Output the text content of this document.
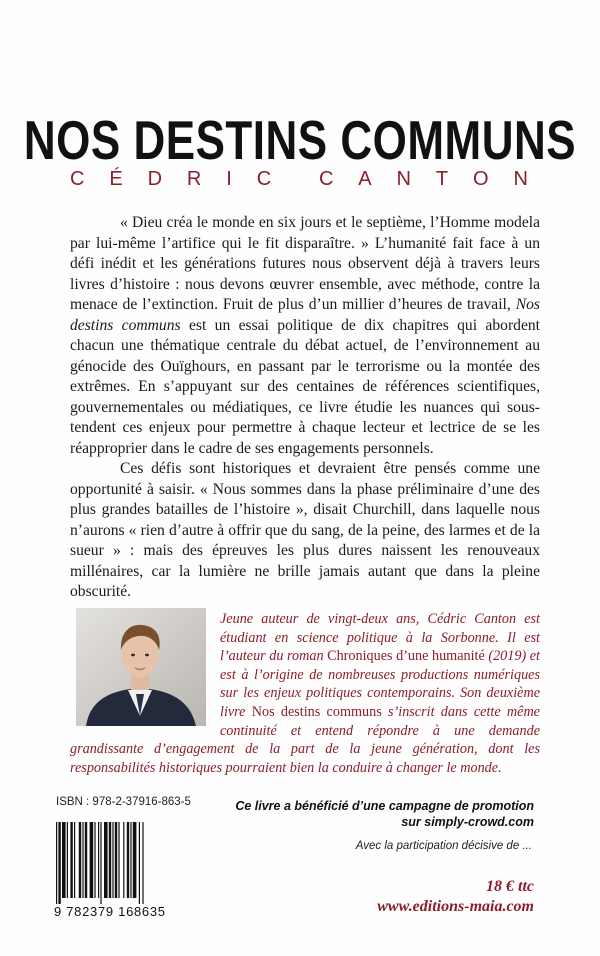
NOS DESTINS COMMUNS
C É D R I C C A N T O N

« Dieu créa le monde en six jours et le septième, l’Homme modela par lui-même l’artifice qui le fit disparaître. » L’humanité fait face à un défi inédit et les générations futures nous observent déjà à travers leurs livres d’histoire : nous devons œuvrer ensemble, avec méthode, contre la menace de l’extinction. Fruit de plus d’un millier d’heures de travail, Nos destins communs est un essai politique de dix chapitres qui abordent chacun une thématique centrale du débat actuel, de l’environnement au génocide des Ouïghours, en passant par le terrorisme ou la montée des extrêmes. En s’appuyant sur des centaines de références scientifiques, gouvernementales ou médiatiques, ce livre étudie les nuances qui sous-tendent ces enjeux pour permettre à chaque lecteur et lectrice de se les réapproprier dans le cadre de ses engagements personnels.

Ces défis sont historiques et devraient être pensés comme une opportunité à saisir. « Nous sommes dans la phase préliminaire d’une des plus grandes batailles de l’histoire », disait Churchill, dans laquelle nous n’aurons « rien d’autre à offrir que du sang, de la peine, des larmes et de la sueur » : mais des épreuves les plus dures naissent les renouveaux millénaires, car la lumière ne brille jamais autant que dans la pleine obscurité.

Jeune auteur de vingt-deux ans, Cédric Canton est étudiant en science politique à la Sorbonne. Il est l’auteur du roman Chroniques d’une humanité (2019) et est à l’origine de nombreuses productions numériques sur les enjeux politiques contemporains. Son deuxième livre Nos destins communs s’inscrit dans cette même continuité et entend répondre à une demande grandissante d’engagement de la part de la jeune génération, dont les responsabilités historiques pourraient bien la conduire à changer le monde.
ISBN : 978-2-37916-863-5
9 782379 168635
Ce livre a bénéficié d’une campagne de promotion
sur simply-crowd.com
Avec la participation décisive de ...
18 € ttc
www.editions-maia.com
